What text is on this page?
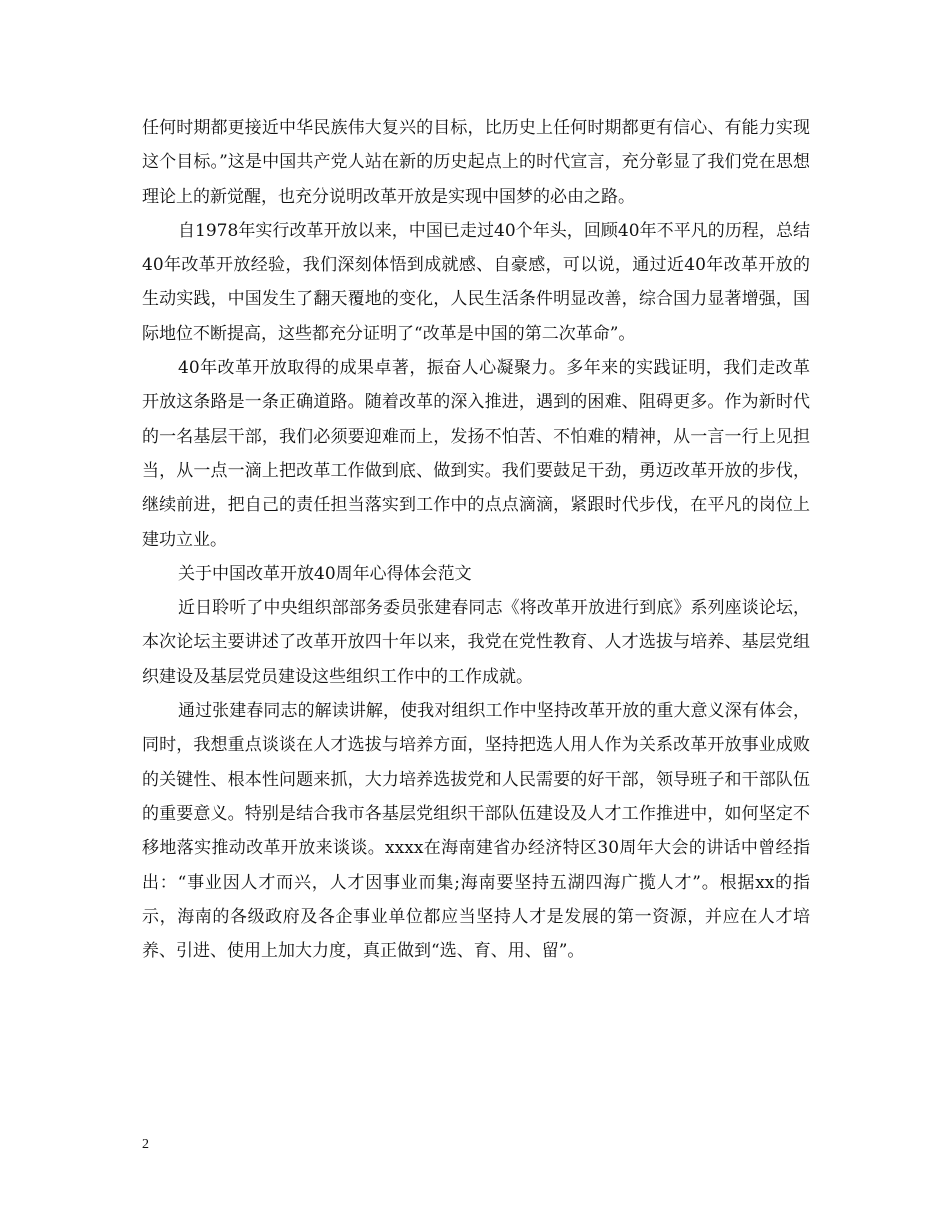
任何时期都更接近中华民族伟大复兴的目标，比历史上任何时期都更有信心、有能力实现这个目标。”这是中国共产党人站在新的历史起点上的时代宣言，充分彰显了我们党在思想理论上的新觉醒，也充分说明改革开放是实现中国梦的必由之路。

自1978年实行改革开放以来，中国已走过40个年头，回顾40年不平凡的历程，总结40年改革开放经验，我们深刻体悟到成就感、自豪感，可以说，通过近40年改革开放的生动实践，中国发生了翻天覆地的变化，人民生活条件明显改善，综合国力显著增强，国际地位不断提高，这些都充分证明了“改革是中国的第二次革命”。

40年改革开放取得的成果卓著，振奋人心凝聚力。多年来的实践证明，我们走改革开放这条路是一条正确道路。随着改革的深入推进，遇到的困难、阻碍更多。作为新时代的一名基层干部，我们必须要迎难而上，发扬不怕苦、不怕难的精神，从一言一行上见担当，从一点一滴上把改革工作做到底、做到实。我们要鼓足干劲，勇迈改革开放的步伐，继续前进，把自己的责任担当落实到工作中的点点滴滴，紧跟时代步伐，在平凡的岗位上建功立业。

关于中国改革开放40周年心得体会范文

近日聆听了中央组织部部务委员张建春同志《将改革开放进行到底》系列座谈论坛，本次论坛主要讲述了改革开放四十年以来，我党在党性教育、人才选拔与培养、基层党组织建设及基层党员建设这些组织工作中的工作成就。

通过张建春同志的解读讲解，使我对组织工作中坚持改革开放的重大意义深有体会，同时，我想重点谈谈在人才选拔与培养方面，坚持把选人用人作为关系改革开放事业成败的关键性、根本性问题来抓，大力培养选拔党和人民需要的好干部，领导班子和干部队伍的重要意义。特别是结合我市各基层党组织干部队伍建设及人才工作推进中，如何坚定不移地落实推动改革开放来谈谈。xxxx在海南建省办经济特区30周年大会的讲话中曾经指出：“事业因人才而兴，人才因事业而集;海南要坚持五湖四海广揽人才”。根据xx的指示，海南的各级政府及各企事业单位都应当坚持人才是发展的第一资源，并应在人才培养、引进、使用上加大力度，真正做到“选、育、用、留”。

2
